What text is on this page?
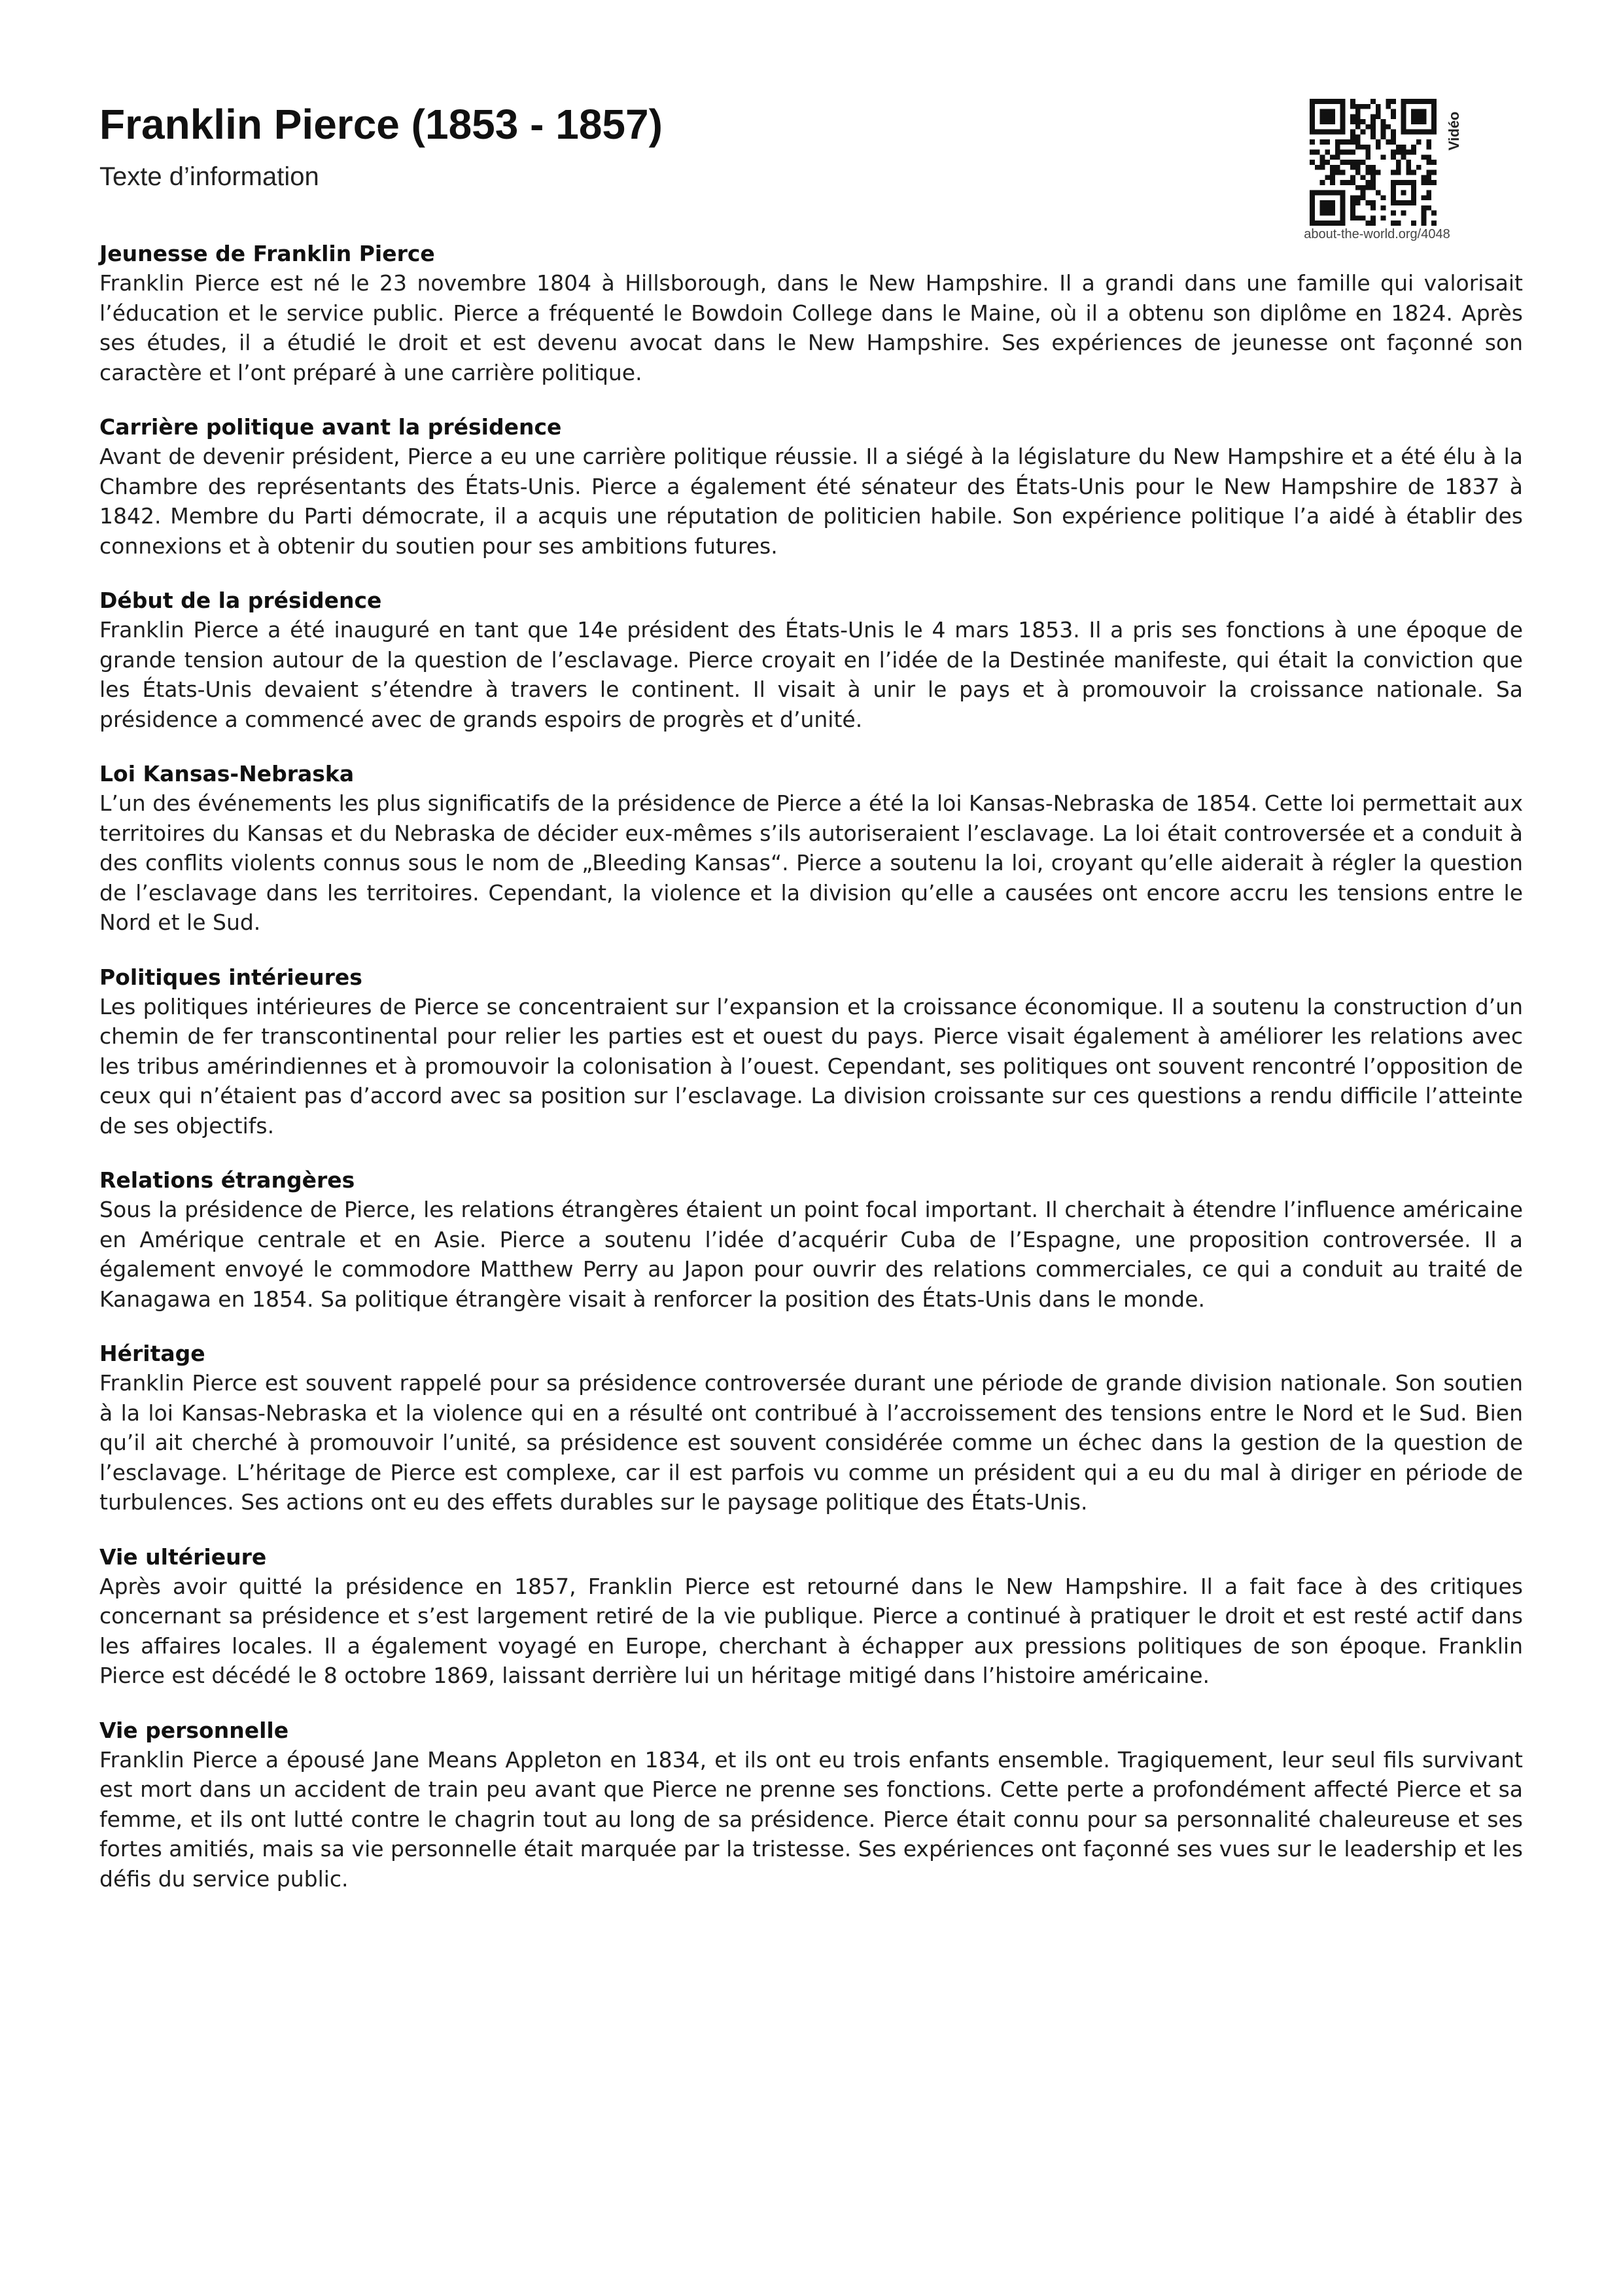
Franklin Pierce (1853 - 1857)
Texte d’information
about-the-world.org/4048
Vidéo
Jeunesse de Franklin Pierce

Franklin Pierce est né le 23 novembre 1804 à Hillsborough, dans le New Hampshire. Il a grandi dans une famille qui valorisait l’éducation et le service public. Pierce a fréquenté le Bowdoin College dans le Maine, où il a obtenu son diplôme en 1824. Après ses études, il a étudié le droit et est devenu avocat dans le New Hampshire. Ses expériences de jeunesse ont façonné son caractère et l’ont préparé à une carrière politique.

Carrière politique avant la présidence

Avant de devenir président, Pierce a eu une carrière politique réussie. Il a siégé à la législature du New Hampshire et a été élu à la Chambre des représentants des États-Unis. Pierce a également été sénateur des États-Unis pour le New Hampshire de 1837 à 1842. Membre du Parti démocrate, il a acquis une réputation de politicien habile. Son expérience politique l’a aidé à établir des connexions et à obtenir du soutien pour ses ambitions futures.

Début de la présidence

Franklin Pierce a été inauguré en tant que 14e président des États-Unis le 4 mars 1853. Il a pris ses fonctions à une époque de grande tension autour de la question de l’esclavage. Pierce croyait en l’idée de la Destinée manifeste, qui était la conviction que les États-Unis devaient s’étendre à travers le continent. Il visait à unir le pays et à promouvoir la croissance nationale. Sa présidence a commencé avec de grands espoirs de progrès et d’unité.

Loi Kansas-Nebraska

L’un des événements les plus significatifs de la présidence de Pierce a été la loi Kansas-Nebraska de 1854. Cette loi permettait aux territoires du Kansas et du Nebraska de décider eux-mêmes s’ils autoriseraient l’esclavage. La loi était controversée et a conduit à des conflits violents connus sous le nom de „Bleeding Kansas“. Pierce a soutenu la loi, croyant qu’elle aiderait à régler la question de l’esclavage dans les territoires. Cependant, la violence et la division qu’elle a causées ont encore accru les tensions entre le Nord et le Sud.

Politiques intérieures

Les politiques intérieures de Pierce se concentraient sur l’expansion et la croissance économique. Il a soutenu la construction d’un chemin de fer transcontinental pour relier les parties est et ouest du pays. Pierce visait également à améliorer les relations avec les tribus amérindiennes et à promouvoir la colonisation à l’ouest. Cependant, ses politiques ont souvent rencontré l’opposition de ceux qui n’étaient pas d’accord avec sa position sur l’esclavage. La division croissante sur ces questions a rendu difficile l’atteinte de ses objectifs.

Relations étrangères

Sous la présidence de Pierce, les relations étrangères étaient un point focal important. Il cherchait à étendre l’influence américaine en Amérique centrale et en Asie. Pierce a soutenu l’idée d’acquérir Cuba de l’Espagne, une proposition controversée. Il a également envoyé le commodore Matthew Perry au Japon pour ouvrir des relations commerciales, ce qui a conduit au traité de Kanagawa en 1854. Sa politique étrangère visait à renforcer la position des États-Unis dans le monde.

Héritage

Franklin Pierce est souvent rappelé pour sa présidence controversée durant une période de grande division nationale. Son soutien à la loi Kansas-Nebraska et la violence qui en a résulté ont contribué à l’accroissement des tensions entre le Nord et le Sud. Bien qu’il ait cherché à promouvoir l’unité, sa présidence est souvent considérée comme un échec dans la gestion de la question de l’esclavage. L’héritage de Pierce est complexe, car il est parfois vu comme un président qui a eu du mal à diriger en période de turbulences. Ses actions ont eu des effets durables sur le paysage politique des États-Unis.

Vie ultérieure

Après avoir quitté la présidence en 1857, Franklin Pierce est retourné dans le New Hampshire. Il a fait face à des critiques concernant sa présidence et s’est largement retiré de la vie publique. Pierce a continué à pratiquer le droit et est resté actif dans les affaires locales. Il a également voyagé en Europe, cherchant à échapper aux pressions politiques de son époque. Franklin Pierce est décédé le 8 octobre 1869, laissant derrière lui un héritage mitigé dans l’histoire américaine.

Vie personnelle

Franklin Pierce a épousé Jane Means Appleton en 1834, et ils ont eu trois enfants ensemble. Tragiquement, leur seul fils survivant est mort dans un accident de train peu avant que Pierce ne prenne ses fonctions. Cette perte a profondément affecté Pierce et sa femme, et ils ont lutté contre le chagrin tout au long de sa présidence. Pierce était connu pour sa personnalité chaleureuse et ses fortes amitiés, mais sa vie personnelle était marquée par la tristesse. Ses expériences ont façonné ses vues sur le leadership et les défis du service public.
